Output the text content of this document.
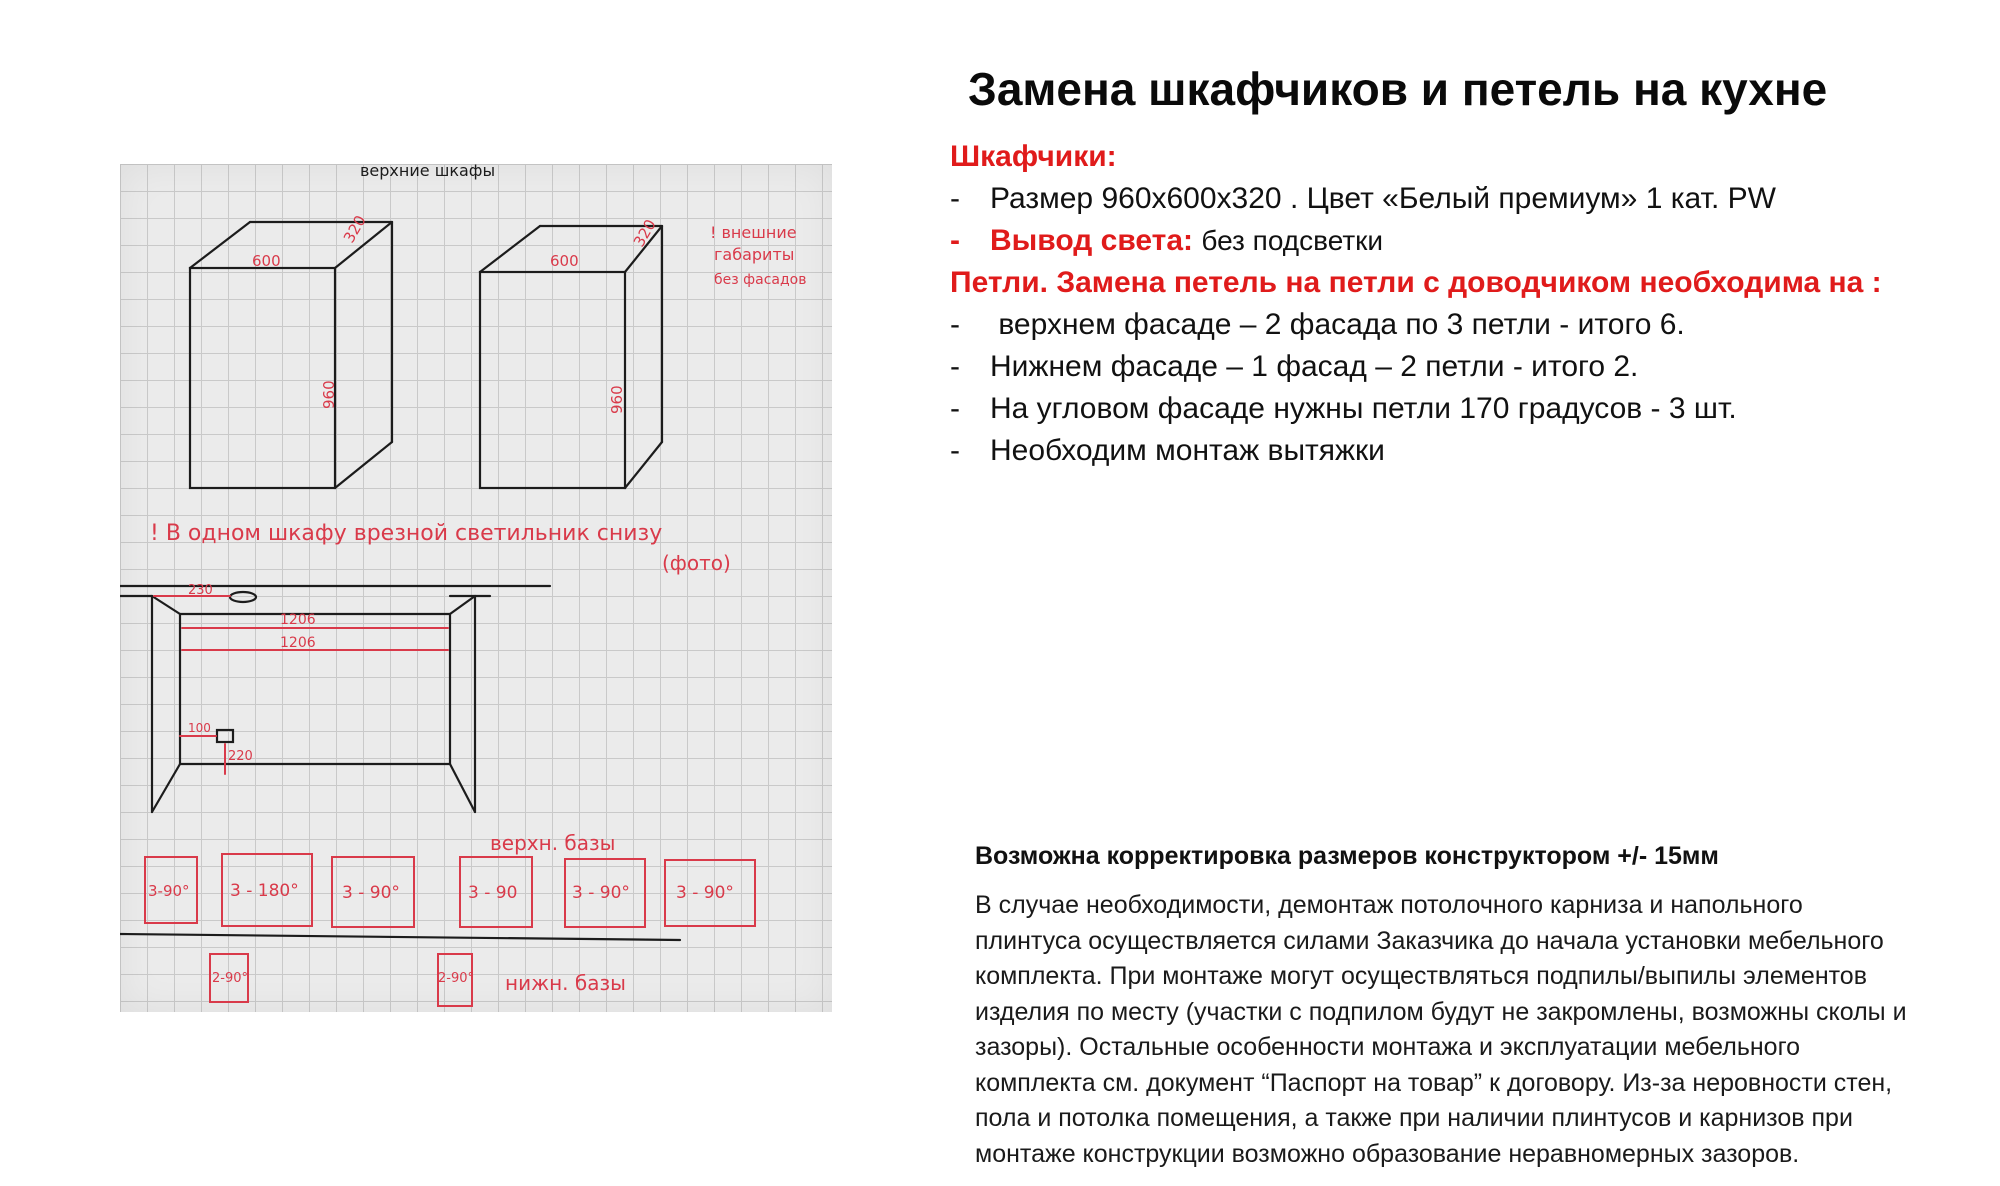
верхние шкафы
600
320
960
600
320
960
! внешние
габариты
без фасадов
! В одном шкафу врезной светильник снизу
(фото)
230
1206
1206
100
220
верхн. базы
3-90° 3 - 180°	3 - 90°	3 - 90	3 - 90°	3 - 90°
2-90°	2-90° нижн. базы
Замена шкафчиков и петель на кухне
Шкафчики:
- Размер 960x600x320 . Цвет «Белый премиум» 1 кат. PW
- Вывод света: без подсветки
Петли. Замена петель на петли с доводчиком необходима на :
- верхнем фасаде – 2 фасада по 3 петли - итого 6.
- Нижнем фасаде – 1 фасад – 2 петли - итого 2.
- На угловом фасаде нужны петли 170 градусов - 3 шт.
- Необходим монтаж вытяжки
Возможна корректировка размеров конструктором +/- 15мм
В случае необходимости, демонтаж потолочного карниза и напольного
плинтуса осуществляется силами Заказчика до начала установки мебельного
комплекта. При монтаже могут осуществляться подпилы/выпилы элементов
изделия по месту (участки с подпилом будут не закромлены, возможны сколы и
зазоры). Остальные особенности монтажа и эксплуатации мебельного
комплекта см. документ “Паспорт на товар” к договору. Из-за неровности стен,
пола и потолка помещения, а также при наличии плинтусов и карнизов при
монтаже конструкции возможно образование неравномерных зазоров.
